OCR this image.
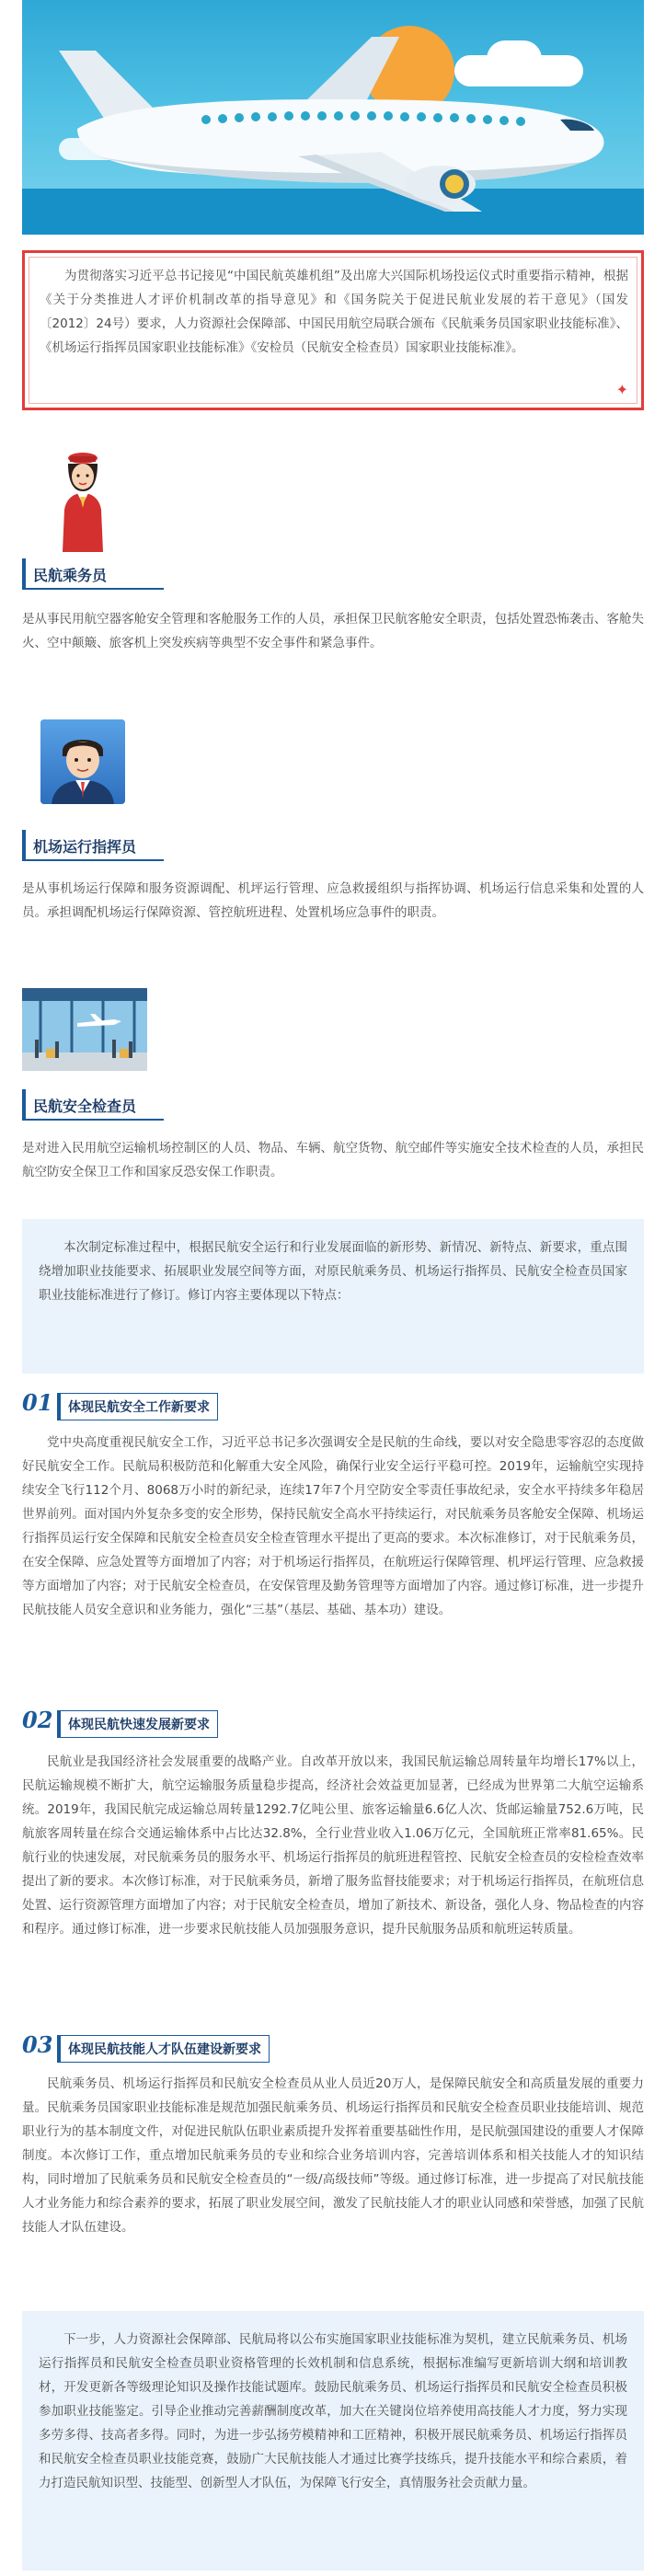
为贯彻落实习近平总书记接见“中国民航英雄机组”及出席大兴国际机场投运仪式时重要指示精神，根据《关于分类推进人才评价机制改革的指导意见》和《国务院关于促进民航业发展的若干意见》（国发〔2012〕24号）要求，人力资源社会保障部、中国民用航空局联合颁布《民航乘务员国家职业技能标准》、《机场运行指挥员国家职业技能标准》《安检员（民航安全检查员）国家职业技能标准》。

✦
民航乘务员

是从事民用航空器客舱安全管理和客舱服务工作的人员，承担保卫民航客舱安全职责，包括处置恐怖袭击、客舱失火、空中颠簸、旅客机上突发疾病等典型不安全事件和紧急事件。

机场运行指挥员

是从事机场运行保障和服务资源调配、机坪运行管理、应急救援组织与指挥协调、机场运行信息采集和处置的人员。承担调配机场运行保障资源、管控航班进程、处置机场应急事件的职责。

民航安全检查员

是对进入民用航空运输机场控制区的人员、物品、车辆、航空货物、航空邮件等实施安全技术检查的人员，承担民航空防安全保卫工作和国家反恐安保工作职责。

本次制定标准过程中，根据民航安全运行和行业发展面临的新形势、新情况、新特点、新要求，重点围绕增加职业技能要求、拓展职业发展空间等方面，对原民航乘务员、机场运行指挥员、民航安全检查员国家职业技能标准进行了修订。修订内容主要体现以下特点：

01	体现民航安全工作新要求

党中央高度重视民航安全工作，习近平总书记多次强调安全是民航的生命线，要以对安全隐患零容忍的态度做好民航安全工作。民航局积极防范和化解重大安全风险，确保行业安全运行平稳可控。2019年，运输航空实现持续安全飞行112个月、8068万小时的新纪录，连续17年7个月空防安全零责任事故纪录，安全水平持续多年稳居世界前列。面对国内外复杂多变的安全形势，保持民航安全高水平持续运行，对民航乘务员客舱安全保障、机场运行指挥员运行安全保障和民航安全检查员安全检查管理水平提出了更高的要求。本次标准修订，对于民航乘务员，在安全保障、应急处置等方面增加了内容；对于机场运行指挥员，在航班运行保障管理、机坪运行管理、应急救援等方面增加了内容；对于民航安全检查员，在安保管理及勤务管理等方面增加了内容。通过修订标准，进一步提升民航技能人员安全意识和业务能力，强化“三基”（基层、基础、基本功）建设。

02	体现民航快速发展新要求

民航业是我国经济社会发展重要的战略产业。自改革开放以来，我国民航运输总周转量年均增长17%以上，民航运输规模不断扩大，航空运输服务质量稳步提高，经济社会效益更加显著，已经成为世界第二大航空运输系统。2019年，我国民航完成运输总周转量1292.7亿吨公里、旅客运输量6.6亿人次、货邮运输量752.6万吨，民航旅客周转量在综合交通运输体系中占比达32.8%，全行业营业收入1.06万亿元，全国航班正常率81.65%。民航行业的快速发展，对民航乘务员的服务水平、机场运行指挥员的航班进程管控、民航安全检查员的安检检查效率提出了新的要求。本次修订标准，对于民航乘务员，新增了服务监督技能要求；对于机场运行指挥员，在航班信息处置、运行资源管理方面增加了内容；对于民航安全检查员，增加了新技术、新设备，强化人身、物品检查的内容和程序。通过修订标准，进一步要求民航技能人员加强服务意识，提升民航服务品质和航班运转质量。

03	体现民航技能人才队伍建设新要求

民航乘务员、机场运行指挥员和民航安全检查员从业人员近20万人，是保障民航安全和高质量发展的重要力量。民航乘务员国家职业技能标准是规范加强民航乘务员、机场运行指挥员和民航安全检查员职业技能培训、规范职业行为的基本制度文件，对促进民航队伍职业素质提升发挥着重要基础性作用，是民航强国建设的重要人才保障制度。本次修订工作，重点增加民航乘务员的专业和综合业务培训内容，完善培训体系和相关技能人才的知识结构，同时增加了民航乘务员和民航安全检查员的“一级/高级技师”等级。通过修订标准，进一步提高了对民航技能人才业务能力和综合素养的要求，拓展了职业发展空间，激发了民航技能人才的职业认同感和荣誉感，加强了民航技能人才队伍建设。

下一步，人力资源社会保障部、民航局将以公布实施国家职业技能标准为契机，建立民航乘务员、机场运行指挥员和民航安全检查员职业资格管理的长效机制和信息系统，根据标准编写更新培训大纲和培训教材，开发更新各等级理论知识及操作技能试题库。鼓励民航乘务员、机场运行指挥员和民航安全检查员积极参加职业技能鉴定。引导企业推动完善薪酬制度改革，加大在关键岗位培养使用高技能人才力度，努力实现多劳多得、技高者多得。同时，为进一步弘扬劳模精神和工匠精神，积极开展民航乘务员、机场运行指挥员和民航安全检查员职业技能竞赛，鼓励广大民航技能人才通过比赛学技练兵，提升技能水平和综合素质，着力打造民航知识型、技能型、创新型人才队伍，为保障飞行安全，真情服务社会贡献力量。
